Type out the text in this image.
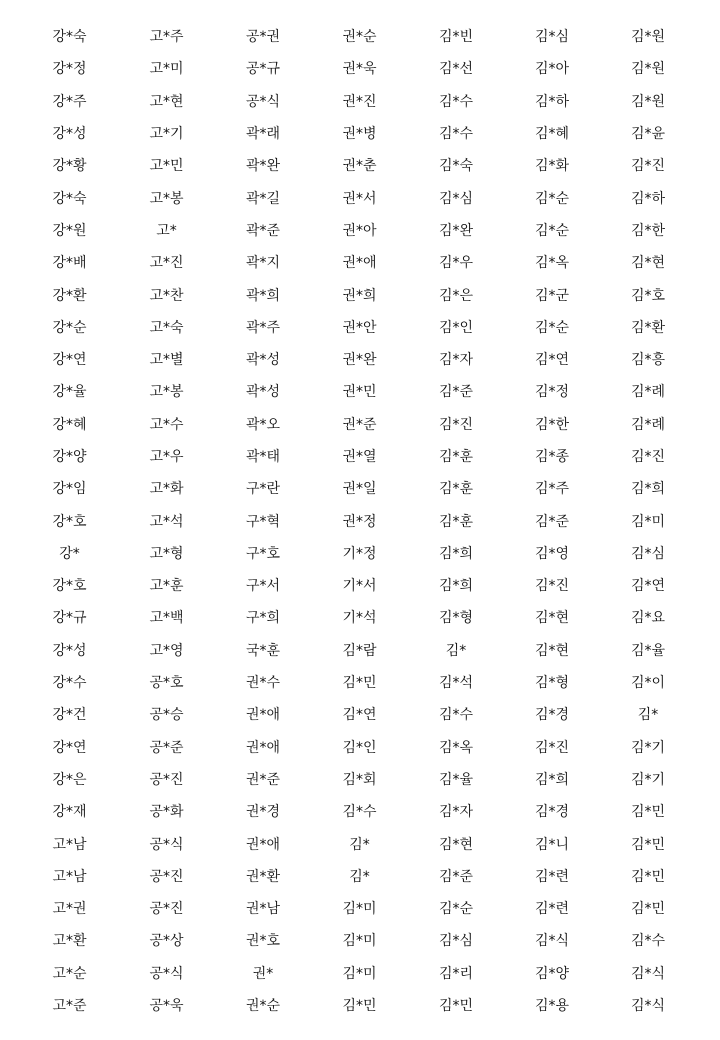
강*숙	고*주	공*권	권*순	김*빈	김*심	김*원
강*정	고*미	공*규	권*욱	김*선	김*아	김*원
강*주	고*현	공*식	권*진	김*수	김*하	김*원
강*성	고*기	곽*래	권*병	김*수	김*혜	김*윤
강*황	고*민	곽*완	권*춘	김*숙	김*화	김*진
강*숙	고*봉	곽*길	권*서	김*심	김*순	김*하
강*원	고*	곽*준	권*아	김*완	김*순	김*한
강*배	고*진	곽*지	권*애	김*우	김*옥	김*현
강*환	고*찬	곽*희	권*희	김*은	김*군	김*호
강*순	고*숙	곽*주	권*안	김*인	김*순	김*환
강*연	고*별	곽*성	권*완	김*자	김*연	김*흥
강*율	고*봉	곽*성	권*민	김*준	김*정	김*례
강*혜	고*수	곽*오	권*준	김*진	김*한	김*례
강*양	고*우	곽*태	권*열	김*훈	김*종	김*진
강*임	고*화	구*란	권*일	김*훈	김*주	김*희
강*호	고*석	구*혁	권*정	김*훈	김*준	김*미
강*	고*형	구*호	기*정	김*희	김*영	김*심
강*호	고*훈	구*서	기*서	김*희	김*진	김*연
강*규	고*백	구*희	기*석	김*형	김*현	김*요
강*성	고*영	국*훈	김*람	김*	김*현	김*율
강*수	공*호	권*수	김*민	김*석	김*형	김*이
강*건	공*승	권*애	김*연	김*수	김*경	김*
강*연	공*준	권*애	김*인	김*옥	김*진	김*기
강*은	공*진	권*준	김*회	김*율	김*희	김*기
강*재	공*화	권*경	김*수	김*자	김*경	김*민
고*남	공*식	권*애	김*	김*현	김*니	김*민
고*남	공*진	권*환	김*	김*준	김*련	김*민
고*권	공*진	권*남	김*미	김*순	김*련	김*민
고*환	공*상	권*호	김*미	김*심	김*식	김*수
고*순	공*식	권*	김*미	김*리	김*양	김*식
고*준	공*욱	권*순	김*민	김*민	김*용	김*식
